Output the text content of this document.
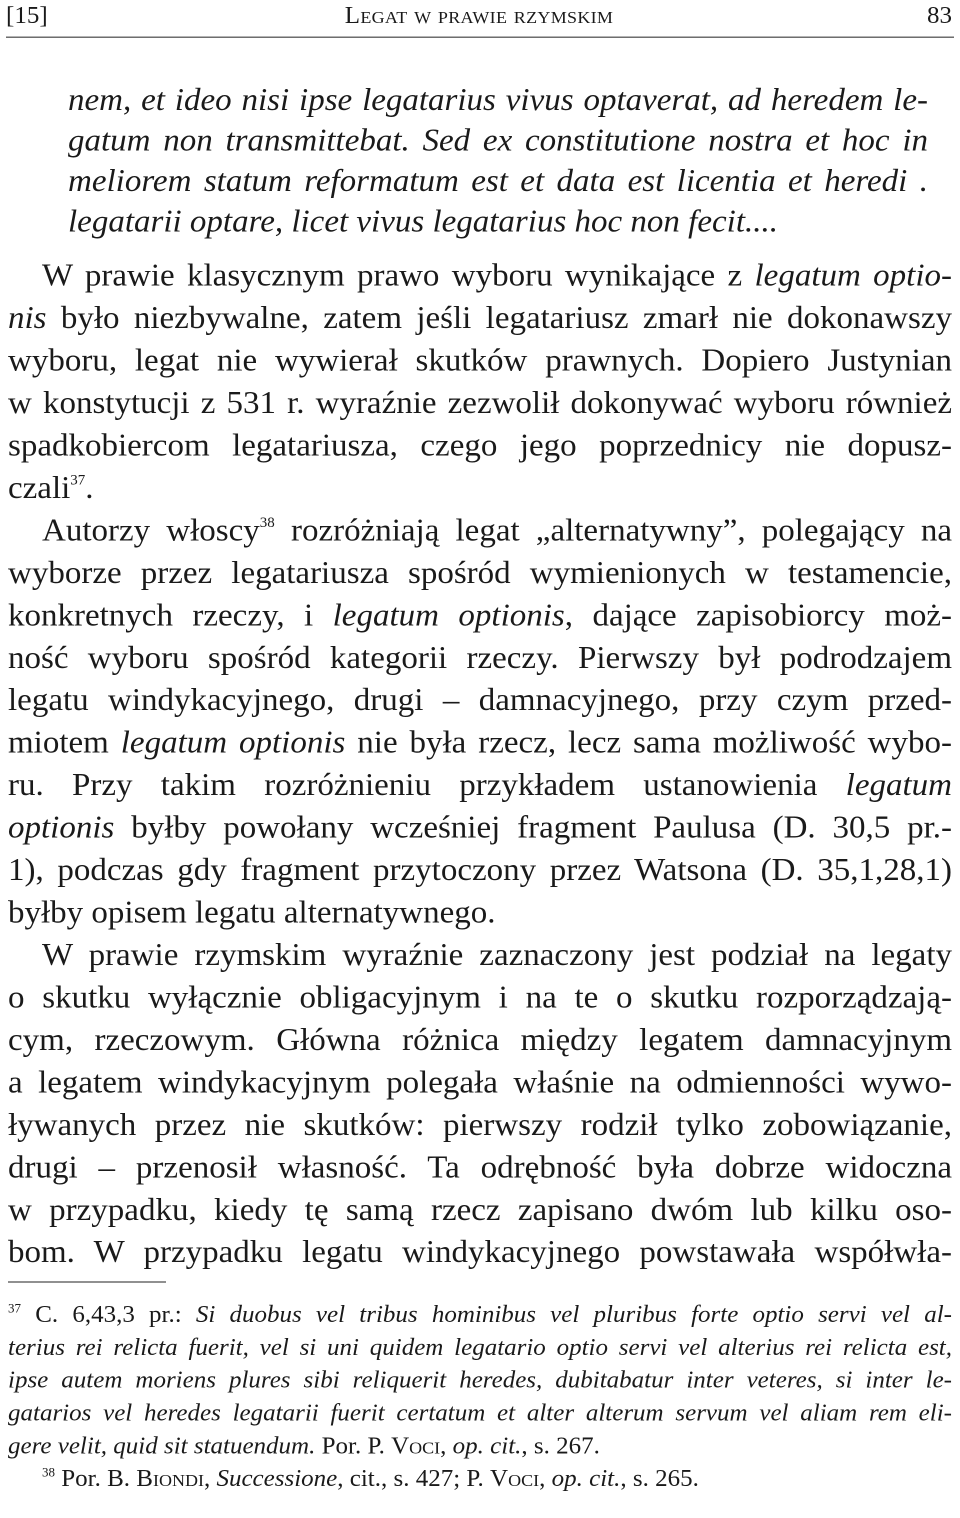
[15]	Legat w prawie rzymskim	83
nem, et ideo nisi ipse legatarius vivus optaverat, ad heredem le-
gatum non transmittebat. Sed ex constitutione nostra et hoc in
meliorem statum reformatum est et data est licentia et heredi .
legatarii optare, licet vivus legatarius hoc non fecit....
W prawie klasycznym prawo wyboru wynikające z legatum optio-
nis było niezbywalne, zatem jeśli legatariusz zmarł nie dokonawszy
wyboru, legat nie wywierał skutków prawnych. Dopiero Justynian
w konstytucji z 531 r. wyraźnie zezwolił dokonywać wyboru również
spadkobiercom legatariusza, czego jego poprzednicy nie dopusz-
czali$^{37}$.
Autorzy włoscy$^{38}$ rozróżniają legat „alternatywny”, polegający na
wyborze przez legatariusza spośród wymienionych w testamencie,
konkretnych rzeczy, i legatum optionis, dające zapisobiorcy moż-
ność wyboru spośród kategorii rzeczy. Pierwszy był podrodzajem
legatu windykacyjnego, drugi – damnacyjnego, przy czym przed-
miotem legatum optionis nie była rzecz, lecz sama możliwość wybo-
ru. Przy takim rozróżnieniu przykładem ustanowienia legatum
optionis byłby powołany wcześniej fragment Paulusa (D. 30,5 pr.-
1), podczas gdy fragment przytoczony przez Watsona (D. 35,1,28,1)
byłby opisem legatu alternatywnego.
W prawie rzymskim wyraźnie zaznaczony jest podział na legaty
o skutku wyłącznie obligacyjnym i na te o skutku rozporządzają-
cym, rzeczowym. Główna różnica między legatem damnacyjnym
a legatem windykacyjnym polegała właśnie na odmienności wywo-
ływanych przez nie skutków: pierwszy rodził tylko zobowiązanie,
drugi – przenosił własność. Ta odrębność była dobrze widoczna
w przypadku, kiedy tę samą rzecz zapisano dwóm lub kilku oso-
bom. W przypadku legatu windykacyjnego powstawała współwła-
$^{37}$ C. 6,43,3 pr.: Si duobus vel tribus hominibus vel pluribus forte optio servi vel al-
terius rei relicta fuerit, vel si uni quidem legatario optio servi vel alterius rei relicta est,
ipse autem moriens plures sibi reliquerit heredes, dubitabatur inter veteres, si inter le-
gatarios vel heredes legatarii fuerit certatum et alter alterum servum vel aliam rem eli-
gere velit, quid sit statuendum. Por. P. Voci, op. cit., s. 267.
$^{38}$ Por. B. Biondi, Successione, cit., s. 427; P. Voci, op. cit., s. 265.
